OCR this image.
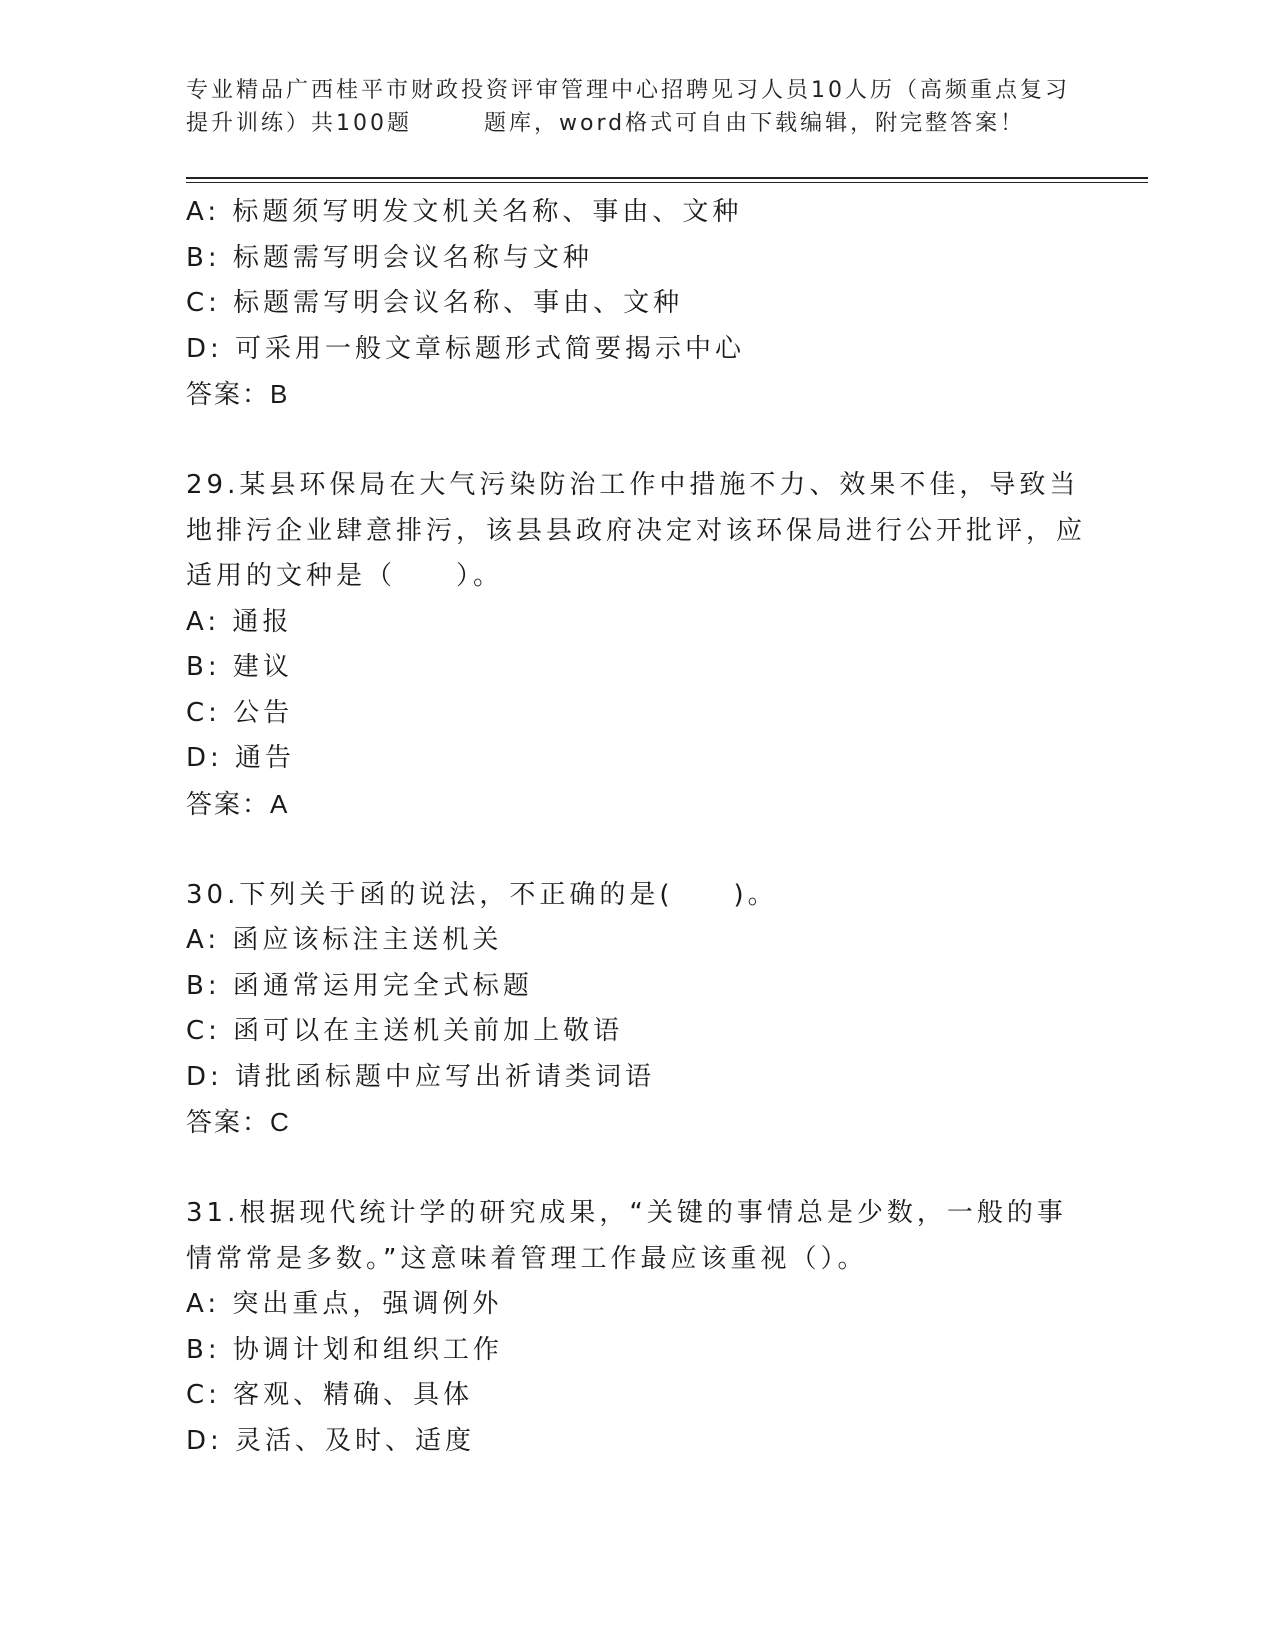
专业精品广西桂平市财政投资评审管理中心招聘见习人员10人历（高频重点复习
提升训练）共100题	题库，word格式可自由下载编辑，附完整答案！
A: 标题须写明发文机关名称、事由、文种
B: 标题需写明会议名称与文种
C: 标题需写明会议名称、事由、文种
D: 可采用一般文章标题形式简要揭示中心
答案：B
29.某县环保局在大气污染防治工作中措施不力、效果不佳，导致当地排污企业肆意排污，该县县政府决定对该环保局进行公开批评，应适用的文种是（　　）。
A: 通报
B: 建议
C: 公告
D: 通告
答案：A
30.下列关于函的说法，不正确的是(　　)。
A: 函应该标注主送机关
B: 函通常运用完全式标题
C: 函可以在主送机关前加上敬语
D: 请批函标题中应写出祈请类词语
答案：C
31.根据现代统计学的研究成果，“关键的事情总是少数，一般的事情常常是多数。”这意味着管理工作最应该重视（）。
A: 突出重点，强调例外
B: 协调计划和组织工作
C: 客观、精确、具体
D: 灵活、及时、适度
